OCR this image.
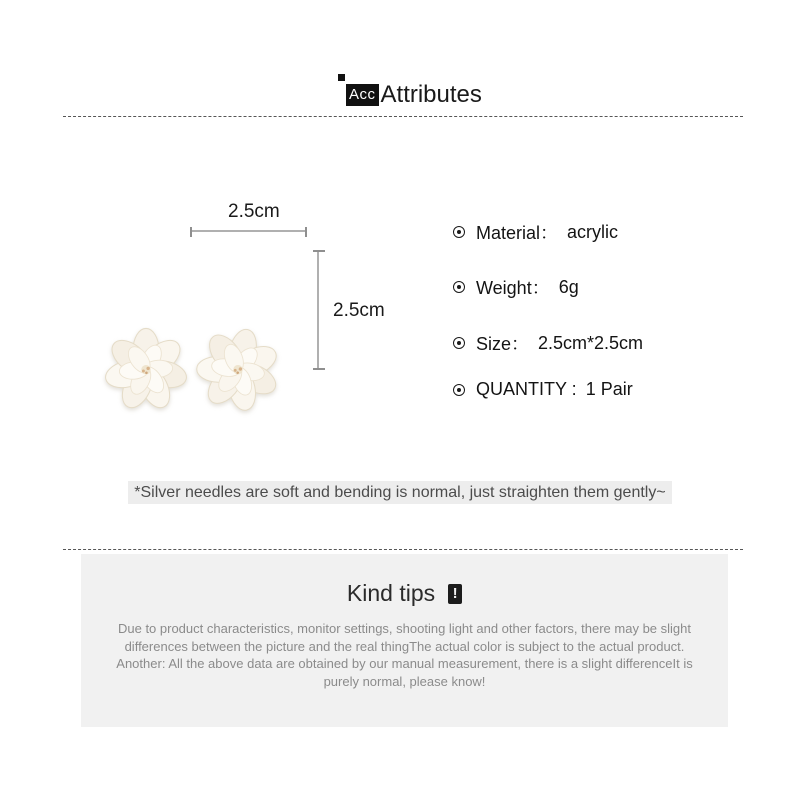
Acc Attributes
2.5cm
2.5cm
Material： acrylic
Weight： 6g
Size： 2.5cm*2.5cm
QUANTITY : 1 Pair
*Silver needles are soft and bending is normal, just straighten them gently~
Kind tips	!
Due to product characteristics, monitor settings, shooting light and other factors, there may be slight
differences between the picture and the real thingThe actual color is subject to the actual product.
Another: All the above data are obtained by our manual measurement, there is a slight differenceIt is
purely normal, please know!
